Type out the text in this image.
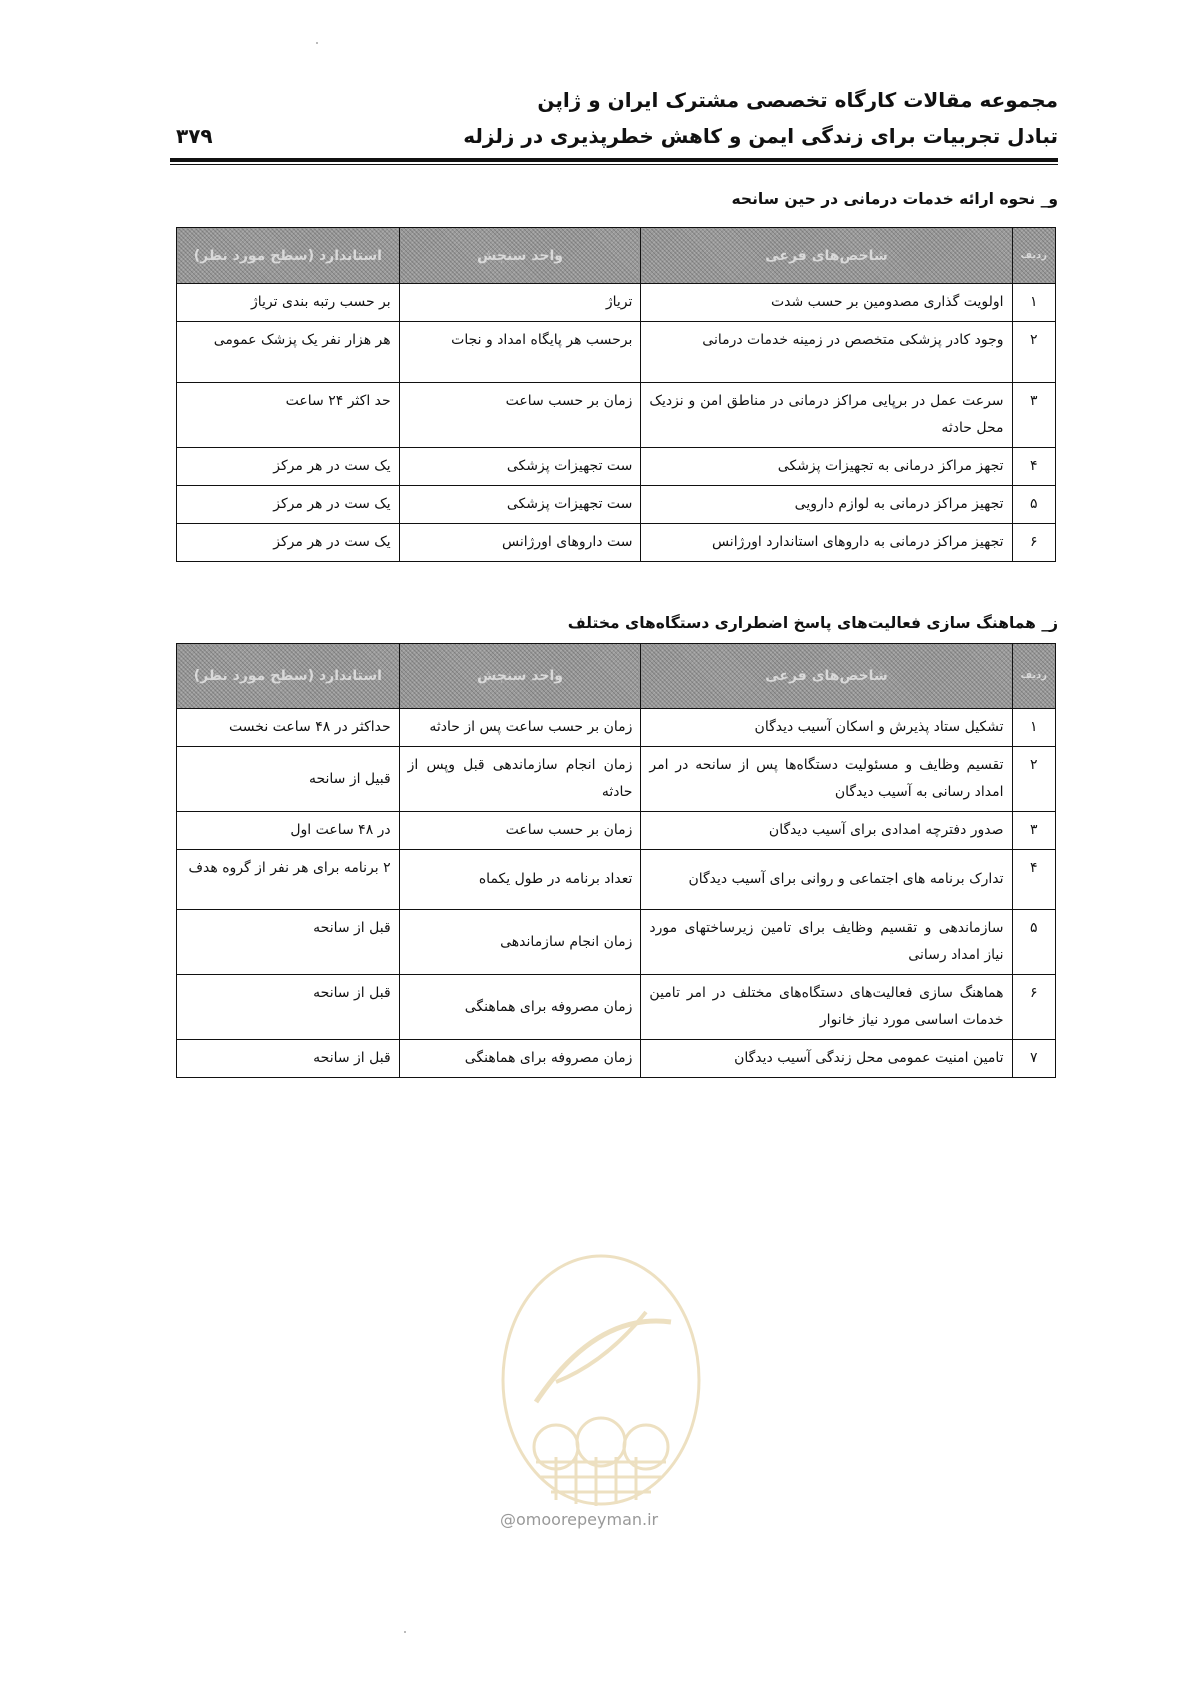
مجموعه مقالات کارگاه تخصصی مشترک ایران و ژاپن
تبادل تجربیات برای زندگی ایمن و کاهش خطرپذیری در زلزله
۳۷۹
و_ نحوه ارائه خدمات درمانی در حین سانحه
ردیف	شاخص‌های فرعی	واحد سنجش	استاندارد (سطح مورد نظر)
۱	اولویت گذاری مصدومین بر حسب شدت	تریاژ	بر حسب رتبه بندی تریاژ
۲	وجود کادر پزشکی متخصص در زمینه خدمات درمانی	برحسب هر پایگاه امداد و نجات	هر هزار نفر یک پزشک عمومی
۳	سرعت عمل در برپایی مراکز درمانی در مناطق امن و نزدیک محل حادثه	زمان بر حسب ساعت	حد اکثر ۲۴ ساعت
۴	تجهز مراکز درمانی به تجهیزات پزشکی	ست تجهیزات پزشکی	یک ست در هر مرکز
۵	تجهیز مراکز درمانی به لوازم دارویی	ست تجهیزات پزشکی	یک ست در هر مرکز
۶	تجهیز مراکز درمانی به داروهای استاندارد اورژانس	ست داروهای اورژانس	یک ست در هر مرکز
ز_ هماهنگ سازی فعالیت‌های پاسخ اضطراری دستگاه‌های مختلف
ردیف	شاخص‌های فرعی	واحد سنجش	استاندارد (سطح مورد نظر)
۱	تشکیل ستاد پذیرش و اسکان آسیب دیدگان	زمان بر حسب ساعت پس از حادثه	حداکثر در ۴۸ ساعت نخست
۲	تقسیم وظایف و مسئولیت دستگاه‌ها پس از سانحه در امر امداد رسانی به آسیب دیدگان	زمان انجام سازماندهی قبل وپس از حادثه	قبیل از سانحه
۳	صدور دفترچه امدادی برای آسیب دیدگان	زمان بر حسب ساعت	در ۴۸ ساعت اول
۴	تدارک برنامه های اجتماعی و روانی برای آسیب دیدگان	تعداد برنامه در طول یکماه	۲ برنامه برای هر نفر از گروه هدف
۵	سازماندهی و تقسیم وظایف برای تامین زیرساختهای مورد نیاز امداد رسانی	زمان انجام سازماندهی	قبل از سانحه
۶	هماهنگ سازی فعالیت‌های دستگاه‌های مختلف در امر تامین خدمات اساسی مورد نیاز خانوار	زمان مصروفه برای هماهنگی	قبل از سانحه
۷	تامین امنیت عمومی محل زندگی آسیب دیدگان	زمان مصروفه برای هماهنگی	قبل از سانحه
@omoorepeyman.ir
